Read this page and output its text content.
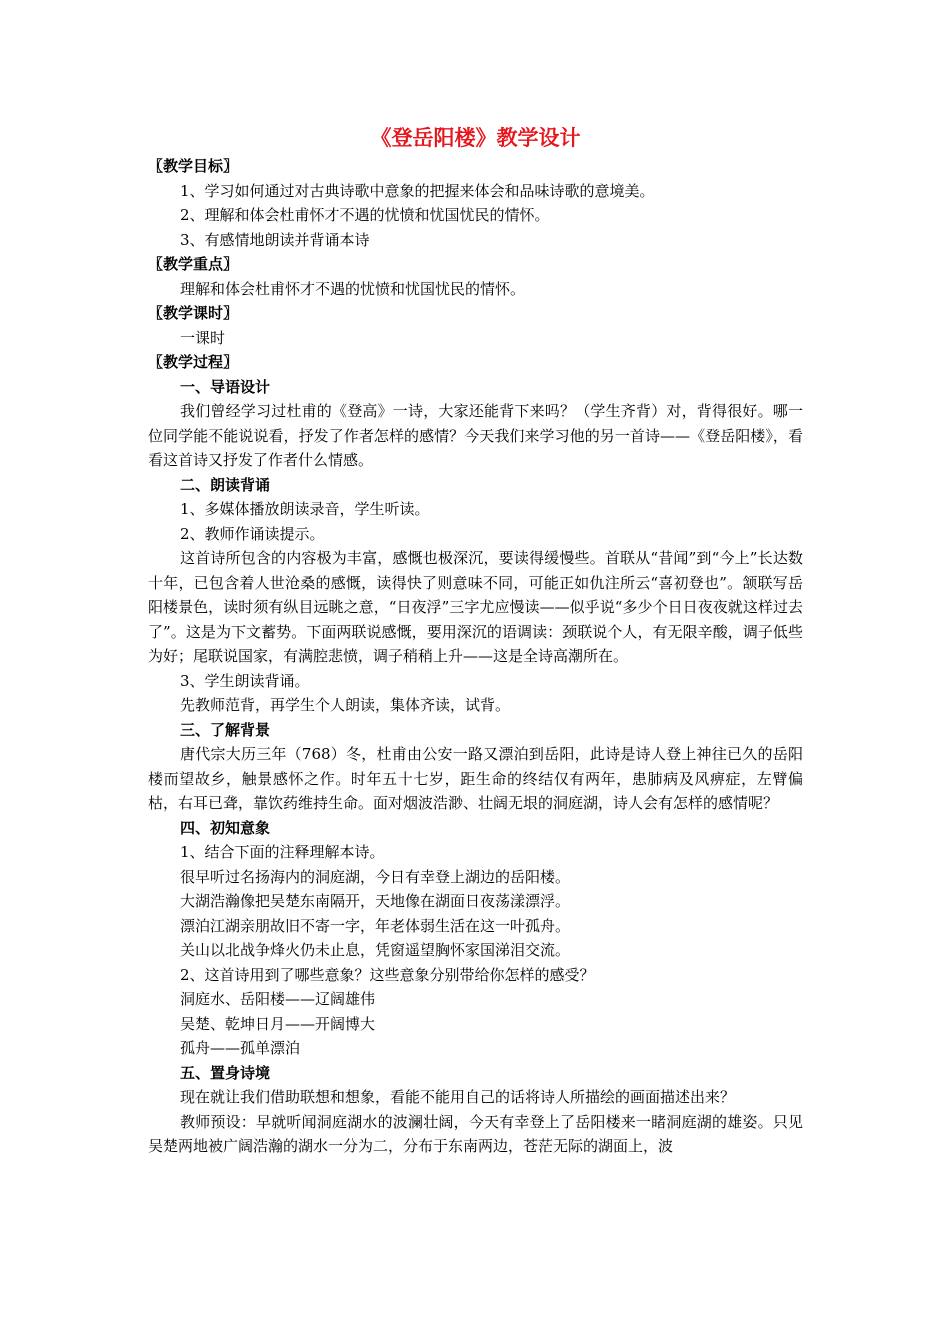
《登岳阳楼》教学设计
〖教学目标〗
1、学习如何通过对古典诗歌中意象的把握来体会和品味诗歌的意境美。
2、理解和体会杜甫怀才不遇的忧愤和忧国忧民的情怀。
3、有感情地朗读并背诵本诗
〖教学重点〗
理解和体会杜甫怀才不遇的忧愤和忧国忧民的情怀。
〖教学课时〗
一课时
〖教学过程〗
一、导语设计
我们曾经学习过杜甫的《登高》一诗，大家还能背下来吗？（学生齐背）对，背得很好。哪一位同学能不能说说看，抒发了作者怎样的感情？今天我们来学习他的另一首诗——《登岳阳楼》，看看这首诗又抒发了作者什么情感。
二、朗读背诵
1、多媒体播放朗读录音，学生听读。
2、教师作诵读提示。
这首诗所包含的内容极为丰富，感慨也极深沉，要读得缓慢些。首联从“昔闻”到“今上”长达数十年，已包含着人世沧桑的感慨，读得快了则意味不同，可能正如仇注所云“喜初登也”。颔联写岳阳楼景色，读时须有纵目远眺之意，“日夜浮”三字尤应慢读——似乎说“多少个日日夜夜就这样过去了”。这是为下文蓄势。下面两联说感慨，要用深沉的语调读：颈联说个人，有无限辛酸，调子低些为好；尾联说国家，有满腔悲愤，调子稍稍上升——这是全诗高潮所在。
3、学生朗读背诵。
先教师范背，再学生个人朗读，集体齐读，试背。
三、了解背景
唐代宗大历三年（768）冬，杜甫由公安一路又漂泊到岳阳，此诗是诗人登上神往已久的岳阳楼而望故乡，触景感怀之作。时年五十七岁，距生命的终结仅有两年，患肺病及风痹症，左臂偏枯，右耳已聋，靠饮药维持生命。面对烟波浩渺、壮阔无垠的洞庭湖，诗人会有怎样的感情呢？
四、初知意象
1、结合下面的注释理解本诗。
很早听过名扬海内的洞庭湖，今日有幸登上湖边的岳阳楼。
大湖浩瀚像把吴楚东南隔开，天地像在湖面日夜荡漾漂浮。
漂泊江湖亲朋故旧不寄一字，年老体弱生活在这一叶孤舟。
关山以北战争烽火仍未止息，凭窗遥望胸怀家国涕泪交流。
2、这首诗用到了哪些意象？这些意象分别带给你怎样的感受？
洞庭水、岳阳楼——辽阔雄伟
吴楚、乾坤日月——开阔博大
孤舟——孤单漂泊
五、置身诗境
现在就让我们借助联想和想象，看能不能用自己的话将诗人所描绘的画面描述出来？
教师预设：早就听闻洞庭湖水的波澜壮阔，今天有幸登上了岳阳楼来一睹洞庭湖的雄姿。只见吴楚两地被广阔浩瀚的湖水一分为二，分布于东南两边，苍茫无际的湖面上，波
